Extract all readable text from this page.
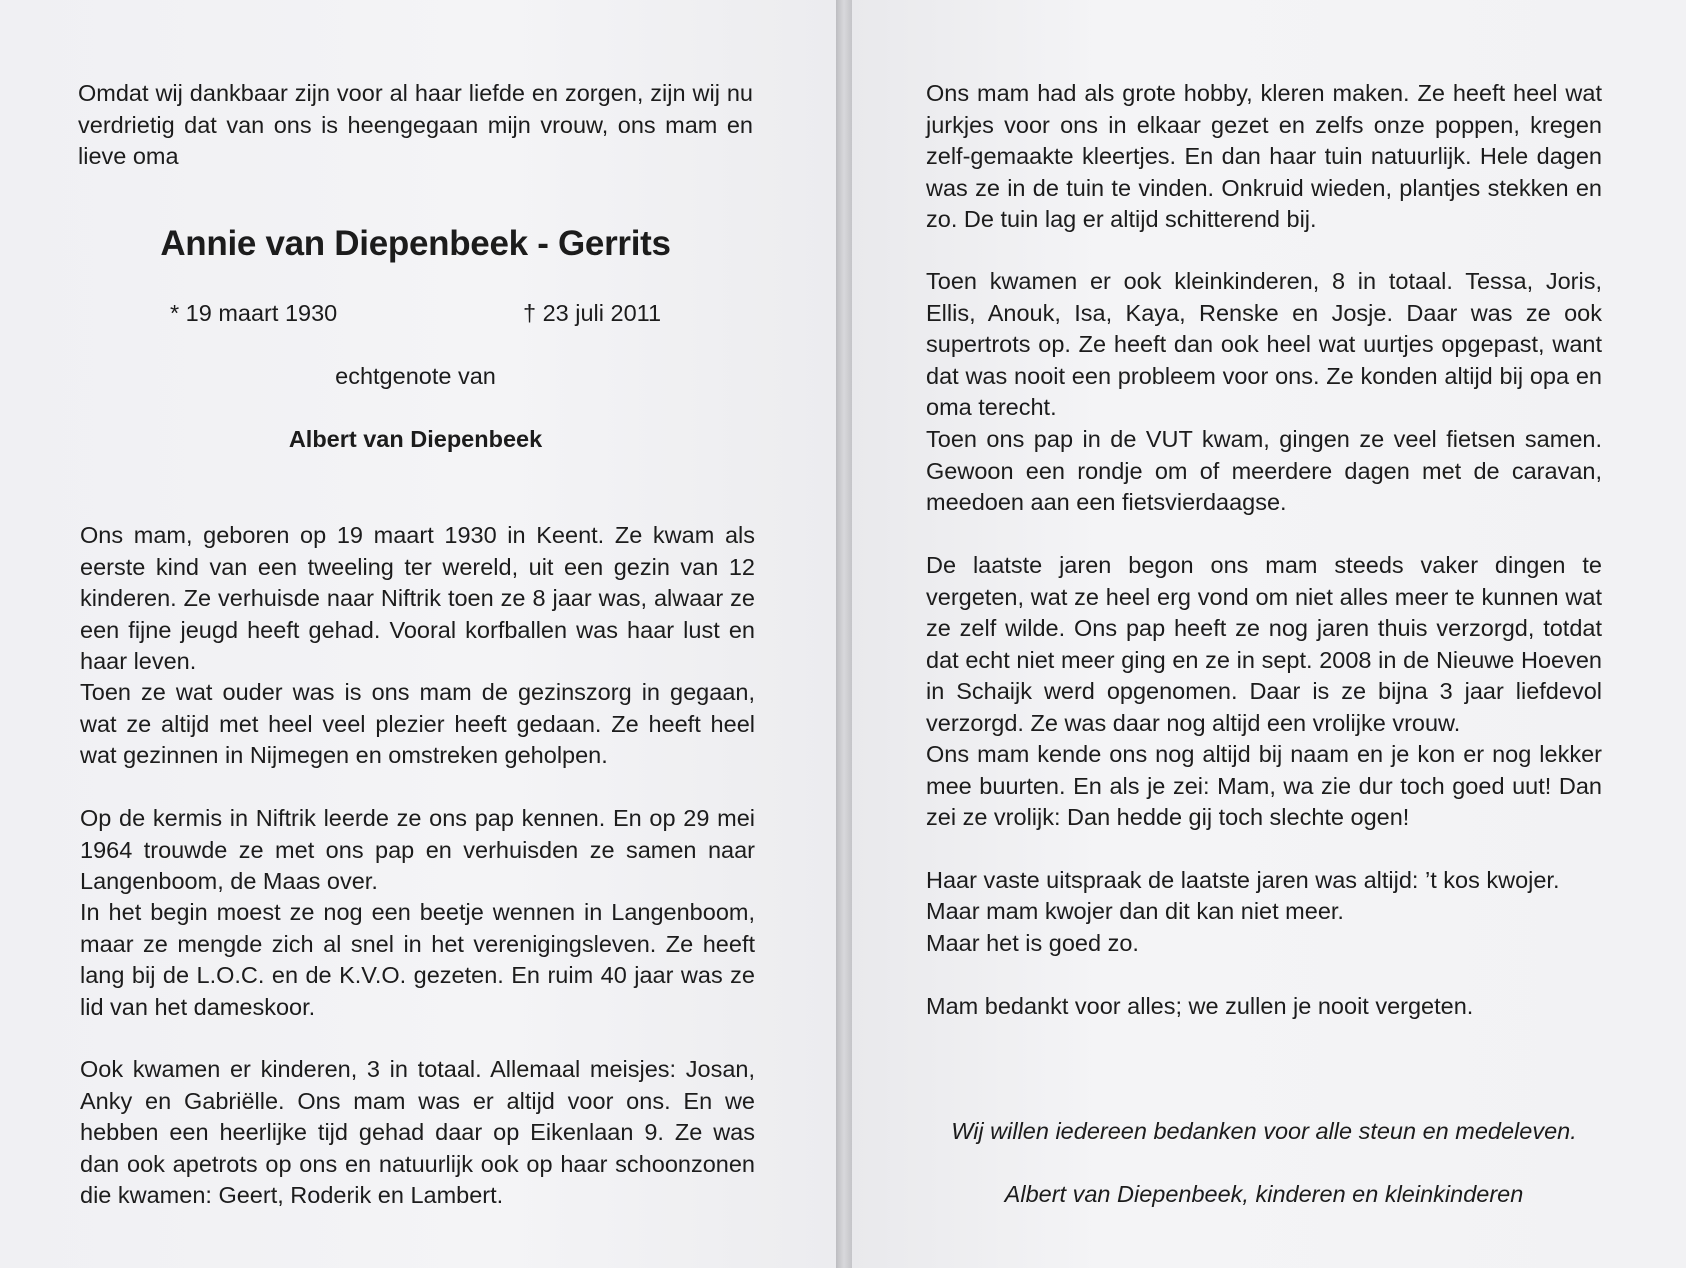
Omdat wij dankbaar zijn voor al haar liefde en zorgen, zijn wij nu verdrietig dat van ons is heengegaan mijn vrouw, ons mam en lieve oma

Annie van Diepenbeek - Gerrits
* 19 maart 1930	† 23 juli 2011
echtgenote van
Albert van Diepenbeek

Ons mam, geboren op 19 maart 1930 in Keent. Ze kwam als eerste kind van een tweeling ter wereld, uit een gezin van 12 kinderen. Ze verhuisde naar Niftrik toen ze 8 jaar was, alwaar ze een fijne jeugd heeft gehad. Vooral korfballen was haar lust en haar leven.

Toen ze wat ouder was is ons mam de gezinszorg in gegaan, wat ze altijd met heel veel plezier heeft gedaan. Ze heeft heel wat gezinnen in Nijmegen en omstreken geholpen.

Op de kermis in Niftrik leerde ze ons pap kennen. En op 29 mei 1964 trouwde ze met ons pap en verhuisden ze samen naar Langenboom, de Maas over.

In het begin moest ze nog een beetje wennen in Langenboom, maar ze mengde zich al snel in het verenigingsleven. Ze heeft lang bij de L.O.C. en de K.V.O. gezeten. En ruim 40 jaar was ze lid van het dameskoor.

Ook kwamen er kinderen, 3 in totaal. Allemaal meisjes: Josan, Anky en Gabriëlle. Ons mam was er altijd voor ons. En we hebben een heerlijke tijd gehad daar op Eikenlaan 9. Ze was dan ook apetrots op ons en natuurlijk ook op haar schoonzonen die kwamen: Geert, Roderik en Lambert.

Ons mam had als grote hobby, kleren maken. Ze heeft heel wat jurkjes voor ons in elkaar gezet en zelfs onze poppen, kregen zelf-gemaakte kleertjes. En dan haar tuin natuurlijk. Hele dagen was ze in de tuin te vinden. Onkruid wieden, plantjes stekken en zo. De tuin lag er altijd schitterend bij.

Toen kwamen er ook kleinkinderen, 8 in totaal. Tessa, Joris, Ellis, Anouk, Isa, Kaya, Renske en Josje. Daar was ze ook supertrots op. Ze heeft dan ook heel wat uurtjes opgepast, want dat was nooit een probleem voor ons. Ze konden altijd bij opa en oma terecht.

Toen ons pap in de VUT kwam, gingen ze veel fietsen samen. Gewoon een rondje om of meerdere dagen met de caravan, meedoen aan een fietsvierdaagse.

De laatste jaren begon ons mam steeds vaker dingen te vergeten, wat ze heel erg vond om niet alles meer te kunnen wat ze zelf wilde. Ons pap heeft ze nog jaren thuis verzorgd, totdat dat echt niet meer ging en ze in sept. 2008 in de Nieuwe Hoeven in Schaijk werd opgenomen. Daar is ze bijna 3 jaar liefdevol verzorgd. Ze was daar nog altijd een vrolijke vrouw.

Ons mam kende ons nog altijd bij naam en je kon er nog lekker mee buurten. En als je zei: Mam, wa zie dur toch goed uut! Dan zei ze vrolijk: Dan hedde gij toch slechte ogen!

Haar vaste uitspraak de laatste jaren was altijd: ’t kos kwojer.

Maar mam kwojer dan dit kan niet meer.

Maar het is goed zo.

Mam bedankt voor alles; we zullen je nooit vergeten.

Wij willen iedereen bedanken voor alle steun en medeleven.

Albert van Diepenbeek, kinderen en kleinkinderen
